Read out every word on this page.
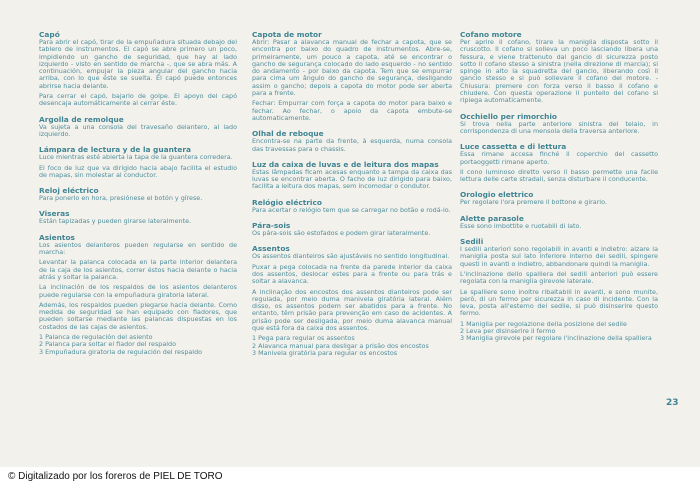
Capó

Para abrir el capó, tirar de la empuñadura situada debajo del tablero de instrumentos. El capó se abre primero un poco, impidiendo un gancho de seguridad, que hay al lado izquierdo - visto en sentido de marcha -, que se abra más. A continuación, empujar la pieza angular del gancho hacia arriba, con lo que éste se suelta. El capó puede entonces abrirse hacia delante.

Para cerrar el capó, bajarlo de golpe. El apoyo del capó desencaja automáticamente al cerrar éste.

Argolla de remolque

Va sujeta a una consola del travesaño delantero, al lado izquierdo.

Lámpara de lectura y de la guantera

Luce mientras esté abierta la tapa de la guantera corredera.

El foco de luz que va dirigido hacia abajo facilita el estudio de mapas, sin molestar al conductor.

Reloj eléctrico

Para ponerlo en hora, presiónese el botón y gírese.

Viseras

Están tapizadas y pueden girarse lateralmente.

Asientos

Los asientos delanteros pueden regularse en sentido de marcha:

Levantar la palanca colocada en la parte interior delantera de la caja de los asientos, correr éstos hacia delante o hacia atrás y soltar la palanca.

La inclinación de los respaldos de los asientos delanteros puede regularse con la empuñadura giratoria lateral.

Además, los respaldos pueden plegarse hacia delante. Como medida de seguridad se han equipado con fiadores, que pueden soltarse mediante las palancas dispuestas en los costados de las cajas de asientos.

1 Palanca de regulación del asiento
2 Palanca para soltar el fiador del respaldo
3 Empuñadura giratoria de regulación del respaldo
Capota de motor

Abrir: Pasar a alavanca manual de fechar a capota, que se encontra por baixo do quadro de instrumentos. Abre-se, primeiramente, um pouco a capota, até se encontrar o gancho de segurança colocado do lado esquerdo - no sentido do andamento - por baixo da capota. Tem que se empurrar para cima um ângulo do gancho de segurança, desligando assim o gancho; depois a capota do motor pode ser aberta para a frente.

Fechar: Empurrar com força a capota do motor para baixo e fechar. Ao fechar, o apoio da capota embute-se automaticamente.

Olhal de reboque

Encontra-se na parte da frente, à esquerda, numa consola das travessas para o chassis.

Luz da caixa de luvas e de leitura dos mapas

Estas lâmpadas ficam acesas enquanto a tampa da caixa das luvas se encontrar aberta. O facho de luz dirigido para baixo, facilita a leitura dos mapas, sem incomodar o condutor.

Relógio eléctrico

Para acertar o relógio tem que se carregar no botão e rodá-lo.

Pára-sois

Os pára-sois são estofados e podem girar lateralmente.

Assentos

Os assentos dianteiros são ajustáveis no sentido longitudinal.

Puxar a pega colocada na frente da parede interior da caixa dos assentos, deslocar estes para a frente ou para trás e soltar a alavanca.

A inclinação dos encostos dos assentos dianteiros pode ser regulada, por meio duma manivela giratória lateral. Além disso, os assentos podem ser abatidos para a frente. No entanto, têm prisão para prevenção em caso de acidentes. A prisão pode ser desligada, por meio duma alavanca manual que está fora da caixa dos assentos.

1 Pega para regular os assentos
2 Alavanca manual para desligar a prisão dos encostos
3 Manivela giratória para regular os encostos
Cofano motore

Per aprire il cofano, tirare la maniglia disposta sotto il cruscotto. Il cofano si solleva un poco lasciando libera una fessura, e viene trattenuto dal gancio di sicurezza posto sotto il cofano stesso a sinistra (nella direzione di marcia); si spinge in alto la squadretta del gancio, liberando così il gancio stesso e si può sollevare il cofano del motore. - Chiusura: premere con forza verso il basso il cofano e chiudere. Con questa operazione il puntello del cofano si ripiega automaticamente.

Occhiello per rimorchio

Si trova nella parte anteriore sinistra del telaio, in corrispondenza di una mensola della traversa anteriore.

Luce cassetta e di lettura

Essa rimane accesa finché il coperchio del cassetto portaoggetti rimane aperto.

Il cono luminoso diretto verso il basso permette una facile lettura delle carte stradali, senza disturbare il conducente.

Orologio elettrico

Per regolare l'ora premere il bottone e girarlo.

Alette parasole

Esse sono imbottite e ruotabili di lato.

Sedili

I sedili anteriori sono regolabili in avanti e indietro: alzare la maniglia posta sul lato inferiore interno dei sedili, spingere questi in avanti o indietro, abbandonare quindi la maniglia.

L'inclinazione dello spalliera dei sedili anteriori può essere regolata con la maniglia girevole laterale.

Le spalliere sono inoltre ribaltabili in avanti, e sono munite, però, di un fermo per sicurezza in caso di incidente. Con la leva, posta all'esterno del sedile, si può disinserire questo fermo.

1 Maniglia per regolazione della posizione del sedile
2 Leva per disinserire il fermo
3 Maniglia girevole per regolare l'inclinazione della spalliera
23
© Digitalizado por los foreros de PIEL DE TORO
